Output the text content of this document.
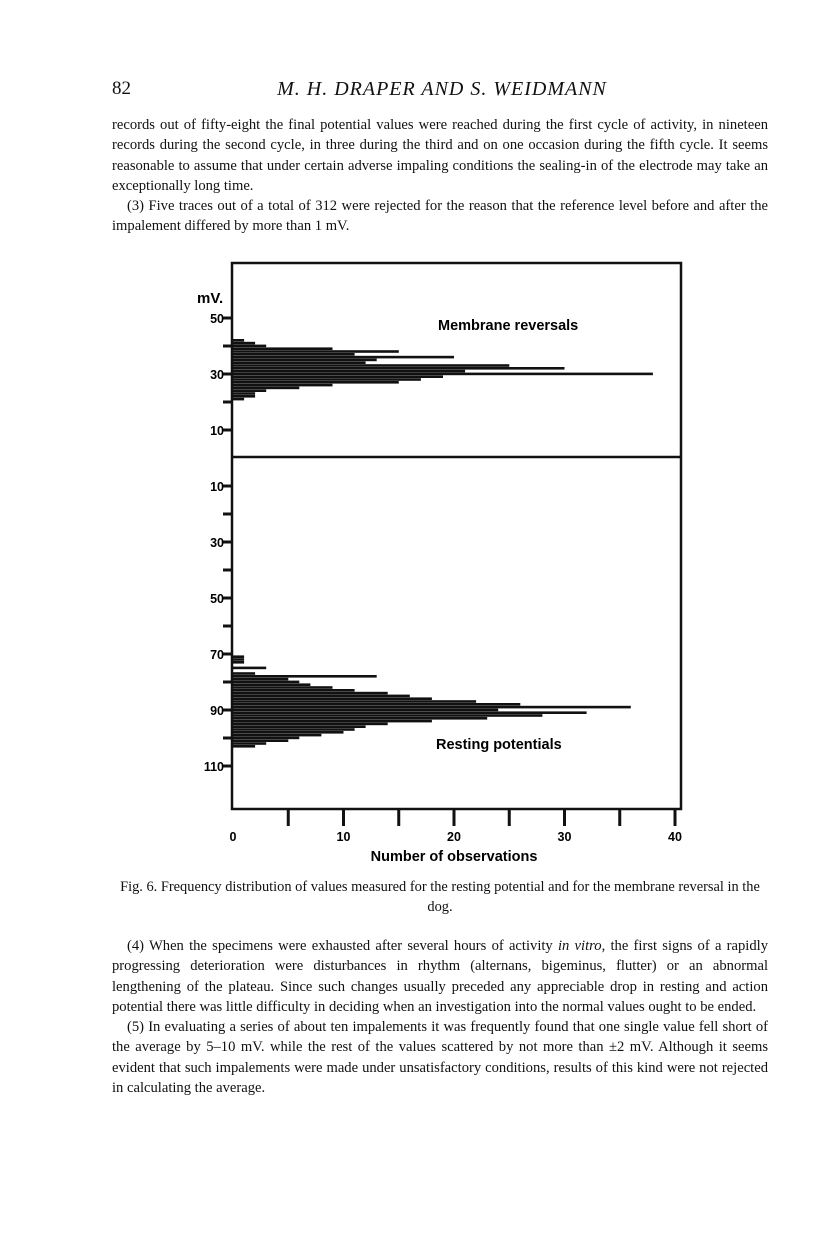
82	M. H. DRAPER AND S. WEIDMANN

records out of fifty-eight the final potential values were reached during the first cycle of activity, in nineteen records during the second cycle, in three during the third and on one occasion during the fifth cycle. It seems reasonable to assume that under certain adverse impaling conditions the sealing-in of the electrode may take an exceptionally long time.

(3) Five traces out of a total of 312 were rejected for the reason that the reference level before and after the impalement differed by more than 1 mV.

mV.
Membrane reversals
Resting potentials
Number of observations
50
30
10
10
30
50
70
90
110
0	10	20	30	40
Fig. 6. Frequency distribution of values measured for the resting potential and for the membrane reversal in the dog.

(4) When the specimens were exhausted after several hours of activity in vitro, the first signs of a rapidly progressing deterioration were disturbances in rhythm (alternans, bigeminus, flutter) or an abnormal lengthening of the plateau. Since such changes usually preceded any appreciable drop in resting and action potential there was little difficulty in deciding when an investigation into the normal values ought to be ended.

(5) In evaluating a series of about ten impalements it was frequently found that one single value fell short of the average by 5–10 mV. while the rest of the values scattered by not more than ±2 mV. Although it seems evident that such impalements were made under unsatisfactory conditions, results of this kind were not rejected in calculating the average.
